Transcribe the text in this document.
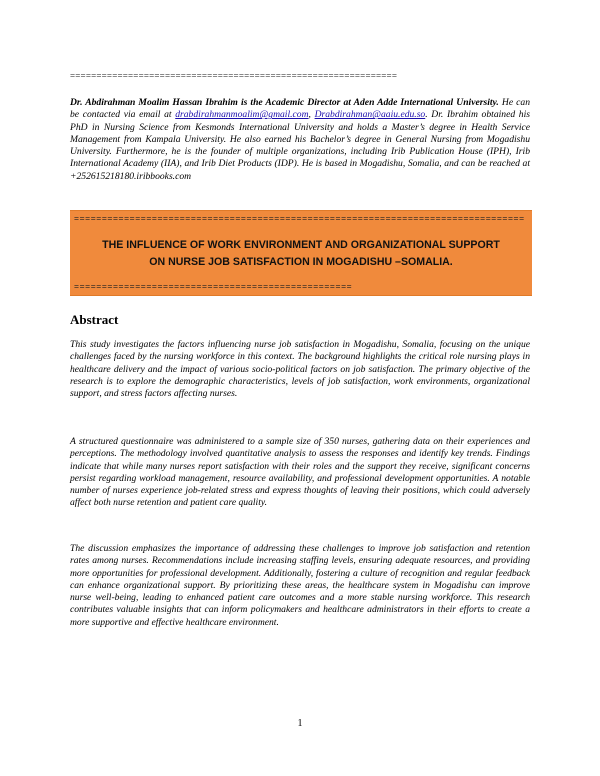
==============================================================
Dr. Abdirahman Moalim Hassan Ibrahim is the Academic Director at Aden Adde International University. He can be contacted via email at drabdirahmanmoalim@gmail.com, Drabdirahman@aaiu.edu.so. Dr. Ibrahim obtained his PhD in Nursing Science from Kesmonds International University and holds a Master’s degree in Health Service Management from Kampala University. He also earned his Bachelor’s degree in General Nursing from Mogadishu University. Furthermore, he is the founder of multiple organizations, including Irib Publication House (IPH), Irib International Academy (IIA), and Irib Diet Products (IDP). He is based in Mogadishu, Somalia, and can be reached at +252615218180.iribbooks.com
=================================================================================
THE INFLUENCE OF WORK ENVIRONMENT AND ORGANIZATIONAL SUPPORT
ON NURSE JOB SATISFACTION IN MOGADISHU –SOMALIA.
==================================================
Abstract
This study investigates the factors influencing nurse job satisfaction in Mogadishu, Somalia, focusing on the unique challenges faced by the nursing workforce in this context. The background highlights the critical role nursing plays in healthcare delivery and the impact of various socio-political factors on job satisfaction. The primary objective of the research is to explore the demographic characteristics, levels of job satisfaction, work environments, organizational support, and stress factors affecting nurses.
A structured questionnaire was administered to a sample size of 350 nurses, gathering data on their experiences and perceptions. The methodology involved quantitative analysis to assess the responses and identify key trends. Findings indicate that while many nurses report satisfaction with their roles and the support they receive, significant concerns persist regarding workload management, resource availability, and professional development opportunities. A notable number of nurses experience job-related stress and express thoughts of leaving their positions, which could adversely affect both nurse retention and patient care quality.
The discussion emphasizes the importance of addressing these challenges to improve job satisfaction and retention rates among nurses. Recommendations include increasing staffing levels, ensuring adequate resources, and providing more opportunities for professional development. Additionally, fostering a culture of recognition and regular feedback can enhance organizational support. By prioritizing these areas, the healthcare system in Mogadishu can improve nurse well-being, leading to enhanced patient care outcomes and a more stable nursing workforce. This research contributes valuable insights that can inform policymakers and healthcare administrators in their efforts to create a more supportive and effective healthcare environment.
1
